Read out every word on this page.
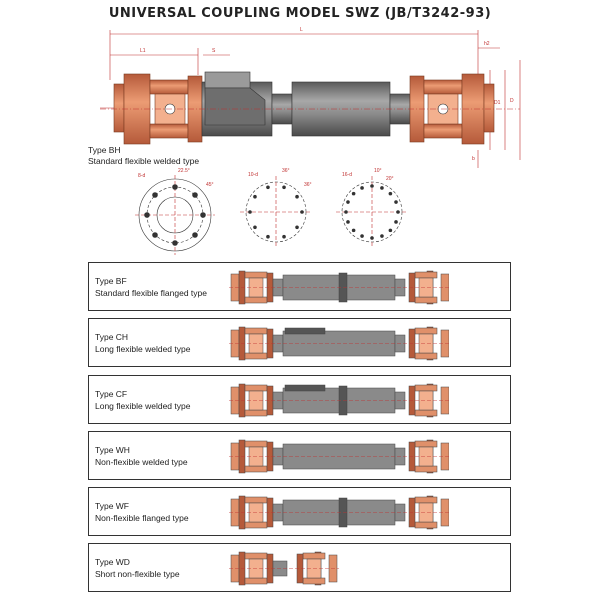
UNIVERSAL COUPLING MODEL SWZ (JB/T3242-93)
L
L1	S
h2
D
D1
b
8-d
22.5°
45°
10-d
36°
36°
16-d
10°
20°
Type BH
Standard flexible welded type
Type BF
Standard flexible flanged type
Type CH
Long flexible welded type
Type CF
Long flexible welded type
Type WH
Non-flexible welded type
Type WF
Non-flexible flanged type
Type WD
Short non-flexible type
